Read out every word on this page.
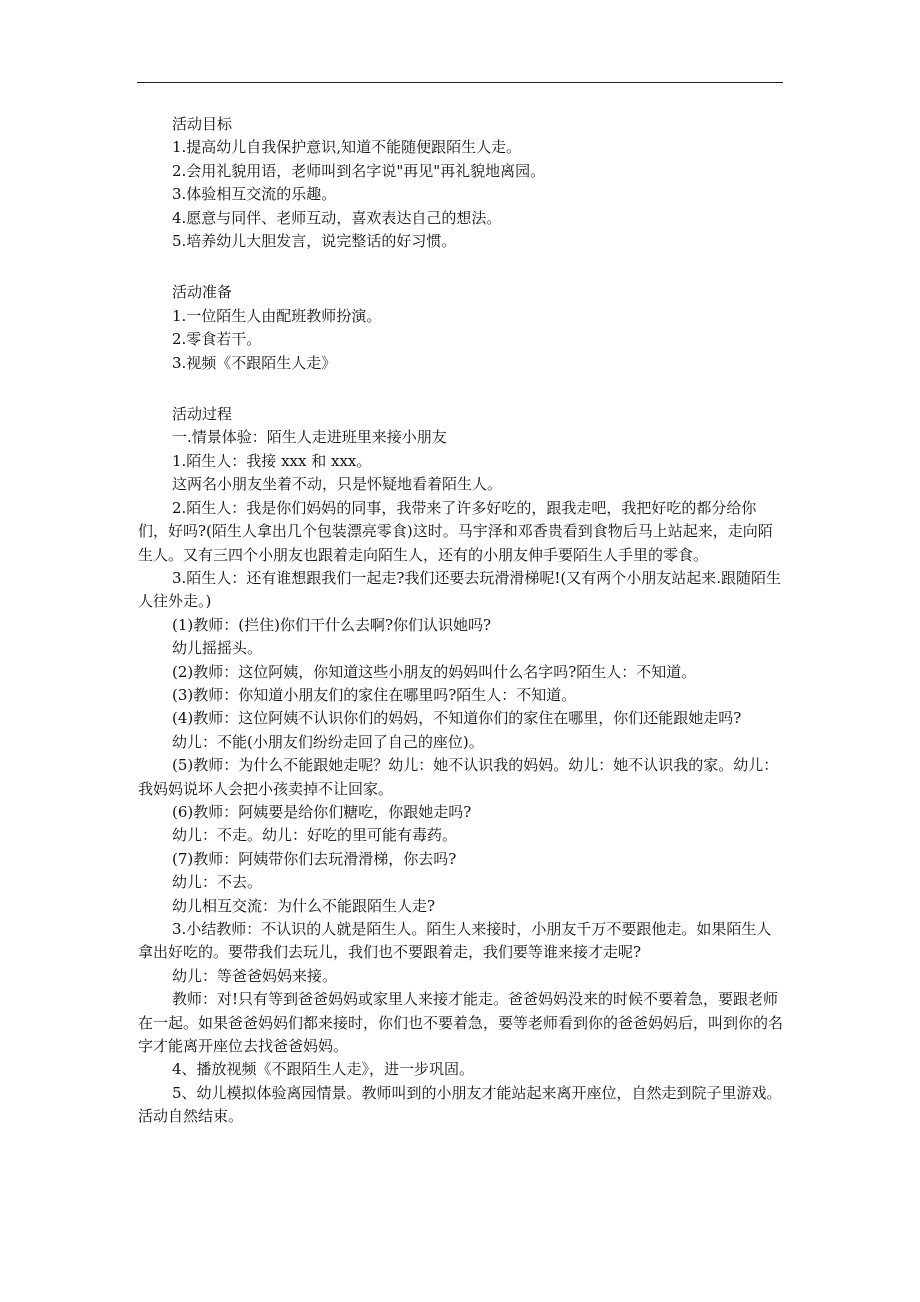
活动目标

1.提高幼儿自我保护意识,知道不能随便跟陌生人走。

2.会用礼貌用语，老师叫到名字说"再见"再礼貌地离园。

3.体验相互交流的乐趣。

4.愿意与同伴、老师互动，喜欢表达自己的想法。

5.培养幼儿大胆发言，说完整话的好习惯。

活动准备

1.一位陌生人由配班教师扮演。

2.零食若干。

3.视频《不跟陌生人走》

活动过程

一.情景体验：陌生人走进班里来接小朋友

1.陌生人：我接 xxx 和 xxx。

这两名小朋友坐着不动，只是怀疑地看着陌生人。

2.陌生人：我是你们妈妈的同事，我带来了许多好吃的，跟我走吧，我把好吃的都分给你们，好吗?(陌生人拿出几个包装漂亮零食)这时。马宇泽和邓香贵看到食物后马上站起来，走向陌生人。又有三四个小朋友也跟着走向陌生人，还有的小朋友伸手要陌生人手里的零食。

3.陌生人：还有谁想跟我们一起走?我们还要去玩滑滑梯呢!(又有两个小朋友站起来.跟随陌生人往外走。)

(1)教师：(拦住)你们干什么去啊?你们认识她吗?

幼儿摇摇头。

(2)教师：这位阿姨，你知道这些小朋友的妈妈叫什么名字吗?陌生人：不知道。

(3)教师：你知道小朋友们的家住在哪里吗?陌生人：不知道。

(4)教师：这位阿姨不认识你们的妈妈，不知道你们的家住在哪里，你们还能跟她走吗?

幼儿：不能(小朋友们纷纷走回了自己的座位)。

(5)教师：为什么不能跟她走呢？幼儿：她不认识我的妈妈。幼儿：她不认识我的家。幼儿：我妈妈说坏人会把小孩卖掉不让回家。

(6)教师：阿姨要是给你们糖吃，你跟她走吗?

幼儿：不走。幼儿：好吃的里可能有毒药。

(7)教师：阿姨带你们去玩滑滑梯，你去吗?

幼儿：不去。

幼儿相互交流：为什么不能跟陌生人走?

3.小结教师：不认识的人就是陌生人。陌生人来接时，小朋友千万不要跟他走。如果陌生人拿出好吃的。要带我们去玩儿，我们也不要跟着走，我们要等谁来接才走呢?

幼儿：等爸爸妈妈来接。

教师：对!只有等到爸爸妈妈或家里人来接才能走。爸爸妈妈没来的时候不要着急，要跟老师在一起。如果爸爸妈妈们都来接时，你们也不要着急，要等老师看到你的爸爸妈妈后，叫到你的名字才能离开座位去找爸爸妈妈。

4、播放视频《不跟陌生人走》，进一步巩固。

5、幼儿模拟体验离园情景。教师叫到的小朋友才能站起来离开座位，自然走到院子里游戏。活动自然结束。
